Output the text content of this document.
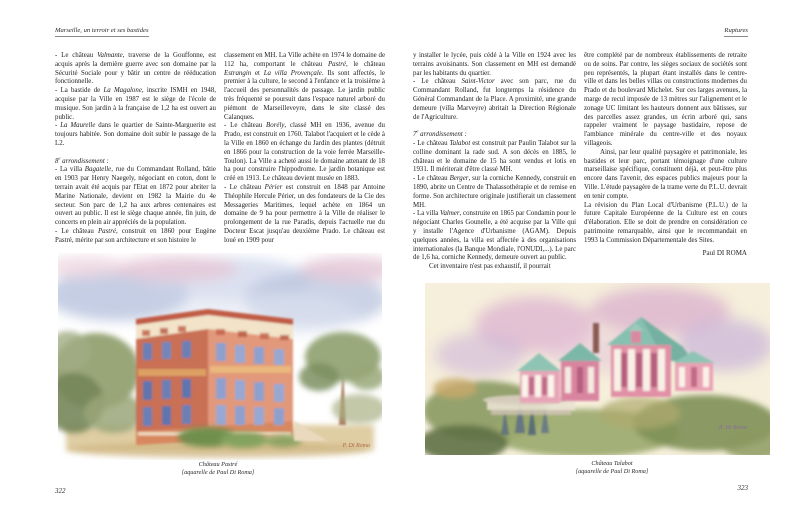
Marseille, un terroir et ses bastides

- Le château Valmante, traverse de la Gouffonne, est acquis après la dernière guerre avec son domaine par la Sécurité Sociale pour y bâtir un centre de rééducation fonctionnelle.

- La bastide de La Magalone, inscrite ISMH en 1948, acquise par la Ville en 1987 est le siège de l'école de musique. Son jardin à la française de 1,2 ha est ouvert au public.

- La Maurelle dans le quartier de Sainte-Marguerite est toujours habitée. Son domaine doit subir le passage de la L2.

8e arrondissement :

- La villa Bagatelle, rue du Commandant Rolland, bâtie en 1903 par Henry Naegely, négociant en coton, dont le terrain avait été acquis par l'Etat en 1872 pour abriter la Marine Nationale, devient en 1982 la Mairie du 4e secteur. Son parc de 1,2 ha aux arbres centenaires est ouvert au public. Il est le siège chaque année, fin juin, de concerts en plein air appréciés de la population.

- Le château Pastré, construit en 1860 pour Eugène Pastré, mérite par son architecture et son histoire le

classement en MH. La Ville achète en 1974 le domaine de 112 ha, comportant le château Pastré, le château Estrangin et La villa Provençale. Ils sont affectés, le premier à la culture, le second à l'enfance et la troisième à l'accueil des personnalités de passage. Le jardin public très fréquenté se poursuit dans l'espace naturel arboré du piémont de Marseilleveyre, dans le site classé des Calanques.

- Le château Borély, classé MH en 1936, avenue du Prado, est construit en 1760. Talabot l'acquiert et le cède à la Ville en 1860 en échange du Jardin des plantes (détruit en 1866 pour la construction de la voie ferrée Marseille-Toulon). La Ville a acheté aussi le domaine attenant de 18 ha pour construire l'hippodrome. Le jardin botanique est créé en 1913. Le château devient musée en 1883.

- Le château Périer est construit en 1848 par Antoine Théophile Hercule Périer, un des fondateurs de la Cie des Messageries Maritimes, lequel achète en 1864 un domaine de 9 ha pour permettre à la Ville de réaliser le prolongement de la rue Paradis, depuis l'actuelle rue du Docteur Escat jusqu'au deuxième Prado. Le château est loué en 1909 pour

P. Di Roma
Château Pastré
[aquarelle de Paul Di Roma]
322
Ruptures

y installer le lycée, puis cédé à la Ville en 1924 avec les terrains avoisinants. Son classement en MH est demandé par les habitants du quartier.

- Le château Saint-Victor avec son parc, rue du Commandant Rolland, fut longtemps la résidence du Général Commandant de la Place. A proximité, une grande demeure (villa Marveyre) abritait la Direction Régionale de l'Agriculture.

7e arrondissement :

- Le château Talabot est construit par Paulin Talabot sur la colline dominant la rade sud. A son décès en 1885, le château et le domaine de 15 ha sont vendus et lotis en 1931. Il mériterait d'être classé MH.

- Le château Berger, sur la corniche Kennedy, construit en 1890, abrite un Centre de Thalassothérapie et de remise en forme. Son architecture originale justifierait un classement MH.

- La villa Valmer, construite en 1865 par Condamin pour le négociant Charles Gounelle, a été acquise par la Ville qui y installe l'Agence d'Urbanisme (AGAM). Depuis quelques années, la villa est affectée à des organisations internationales (la Banque Mondiale, l'ONUDI,...). Le parc de 1,6 ha, corniche Kennedy, demeure ouvert au public.

Cet inventaire n'est pas exhaustif, il pourrait

être complété par de nombreux établissements de retraite ou de soins. Par contre, les sièges sociaux de sociétés sont peu représentés, la plupart étant installés dans le centre-ville et dans les belles villas ou constructions modernes du Prado et du boulevard Michelet. Sur ces larges avenues, la marge de recul imposée de 13 mètres sur l'alignement et le zonage UC limitant les hauteurs donnent aux bâtisses, sur des parcelles assez grandes, un écrin arboré qui, sans rappeler vraiment le paysage bastidaire, repose de l'ambiance minérale du centre-ville et des noyaux villageois.

Ainsi, par leur qualité paysagère et patrimoniale, les bastides et leur parc, portant témoignage d'une culture marseillaise spécifique, constituent déjà, et peut-être plus encore dans l'avenir, des espaces publics majeurs pour la Ville. L'étude paysagère de la trame verte du P.L.U. devrait en tenir compte.

La révision du Plan Local d'Urbanisme (P.L.U.) de la future Capitale Européenne de la Culture est en cours d'élaboration. Elle se doit de prendre en considération ce patrimoine remarquable, ainsi que le recommandait en 1993 la Commission Départementale des Sites.

Paul DI ROMA

R. Di Roma
Château Talabot
[aquarelle de Paul Di Roma]
323
